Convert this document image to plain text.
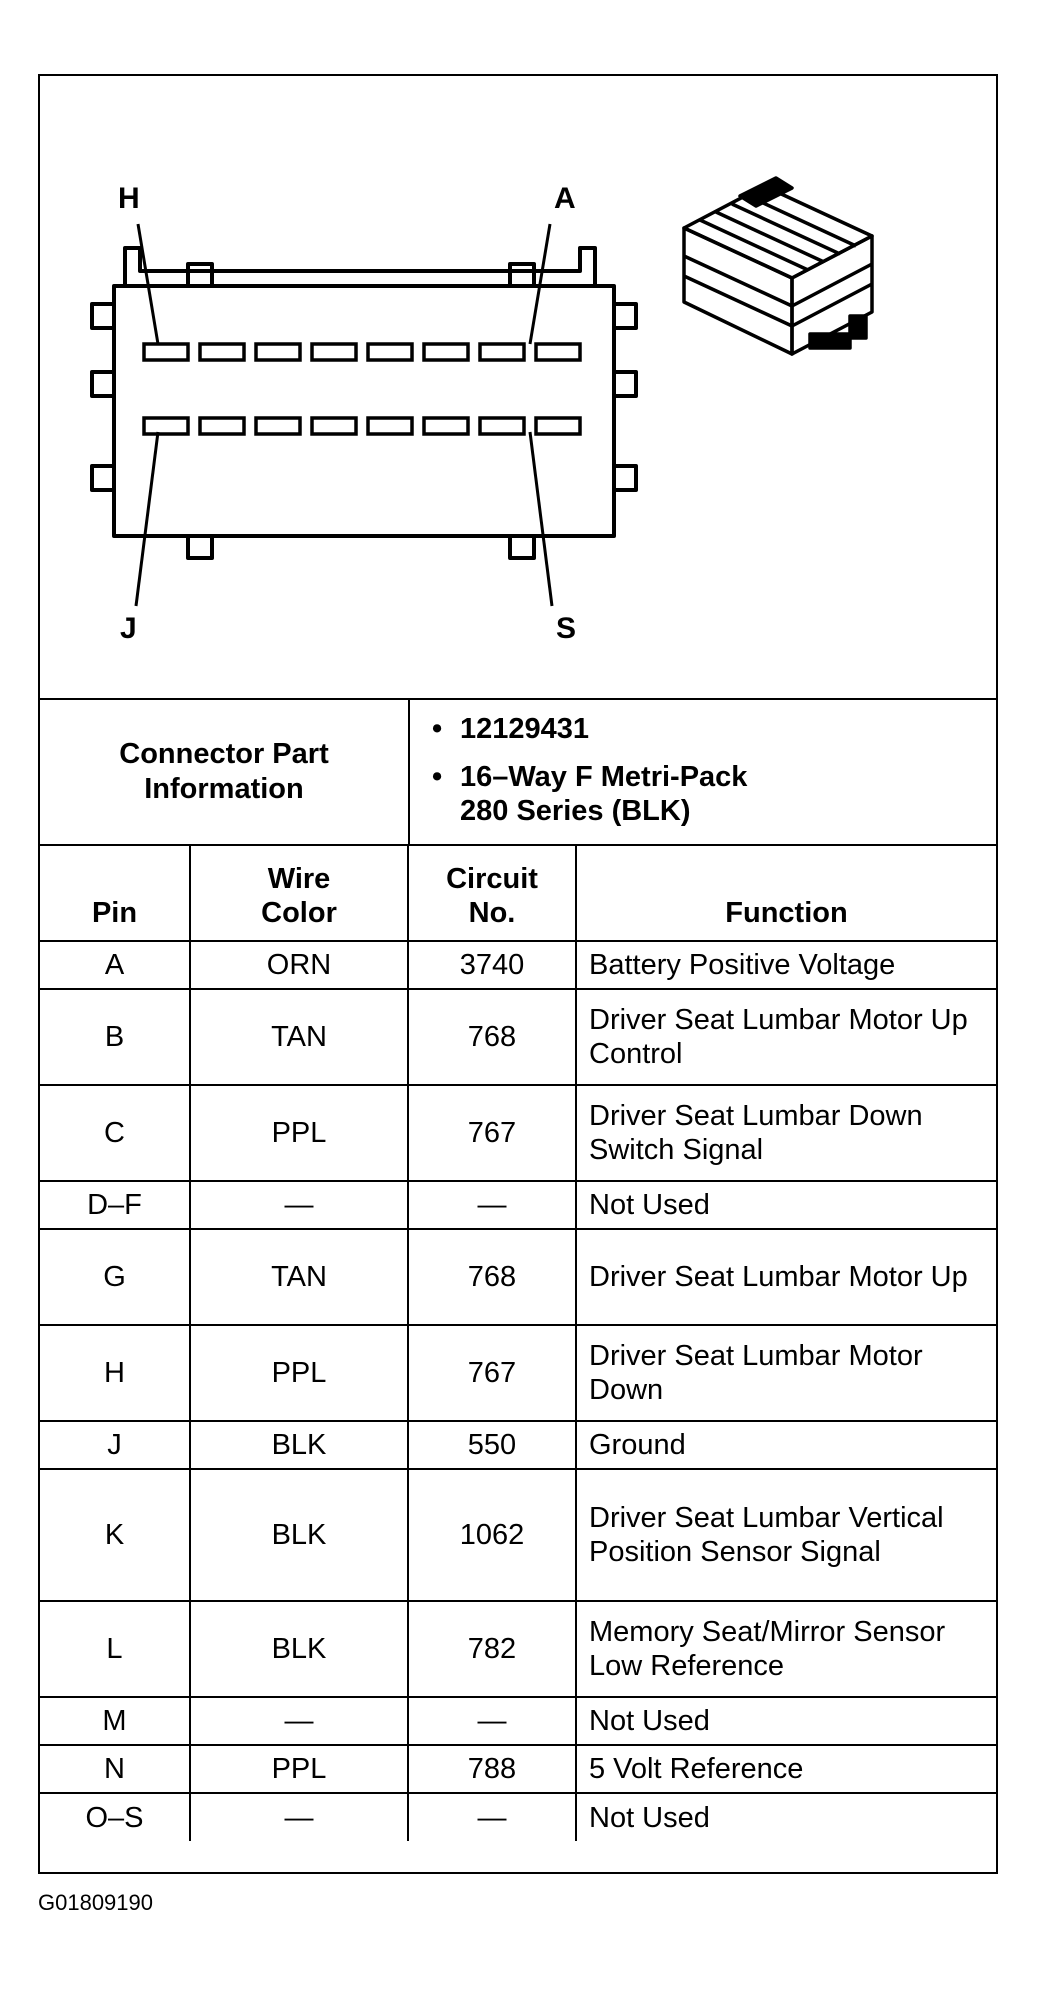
H	A
J	S
Connector Part Information
• 12129431
• 16–Way F Metri-Pack 280 Series (BLK)
Pin	Wire Color	Circuit No.	Function
A	ORN	3740	Battery Positive Voltage
B	TAN	768	Driver Seat Lumbar Motor Up Control
C	PPL	767	Driver Seat Lumbar Down Switch Signal
D–F	—	—	Not Used
G	TAN	768	Driver Seat Lumbar Motor Up
H	PPL	767	Driver Seat Lumbar Motor Down
J	BLK	550	Ground
K	BLK	1062	Driver Seat Lumbar Vertical Position Sensor Signal
L	BLK	782	Memory Seat/Mirror Sensor Low Reference
M	—	—	Not Used
N	PPL	788	5 Volt Reference
O–S	—	—	Not Used
G01809190
